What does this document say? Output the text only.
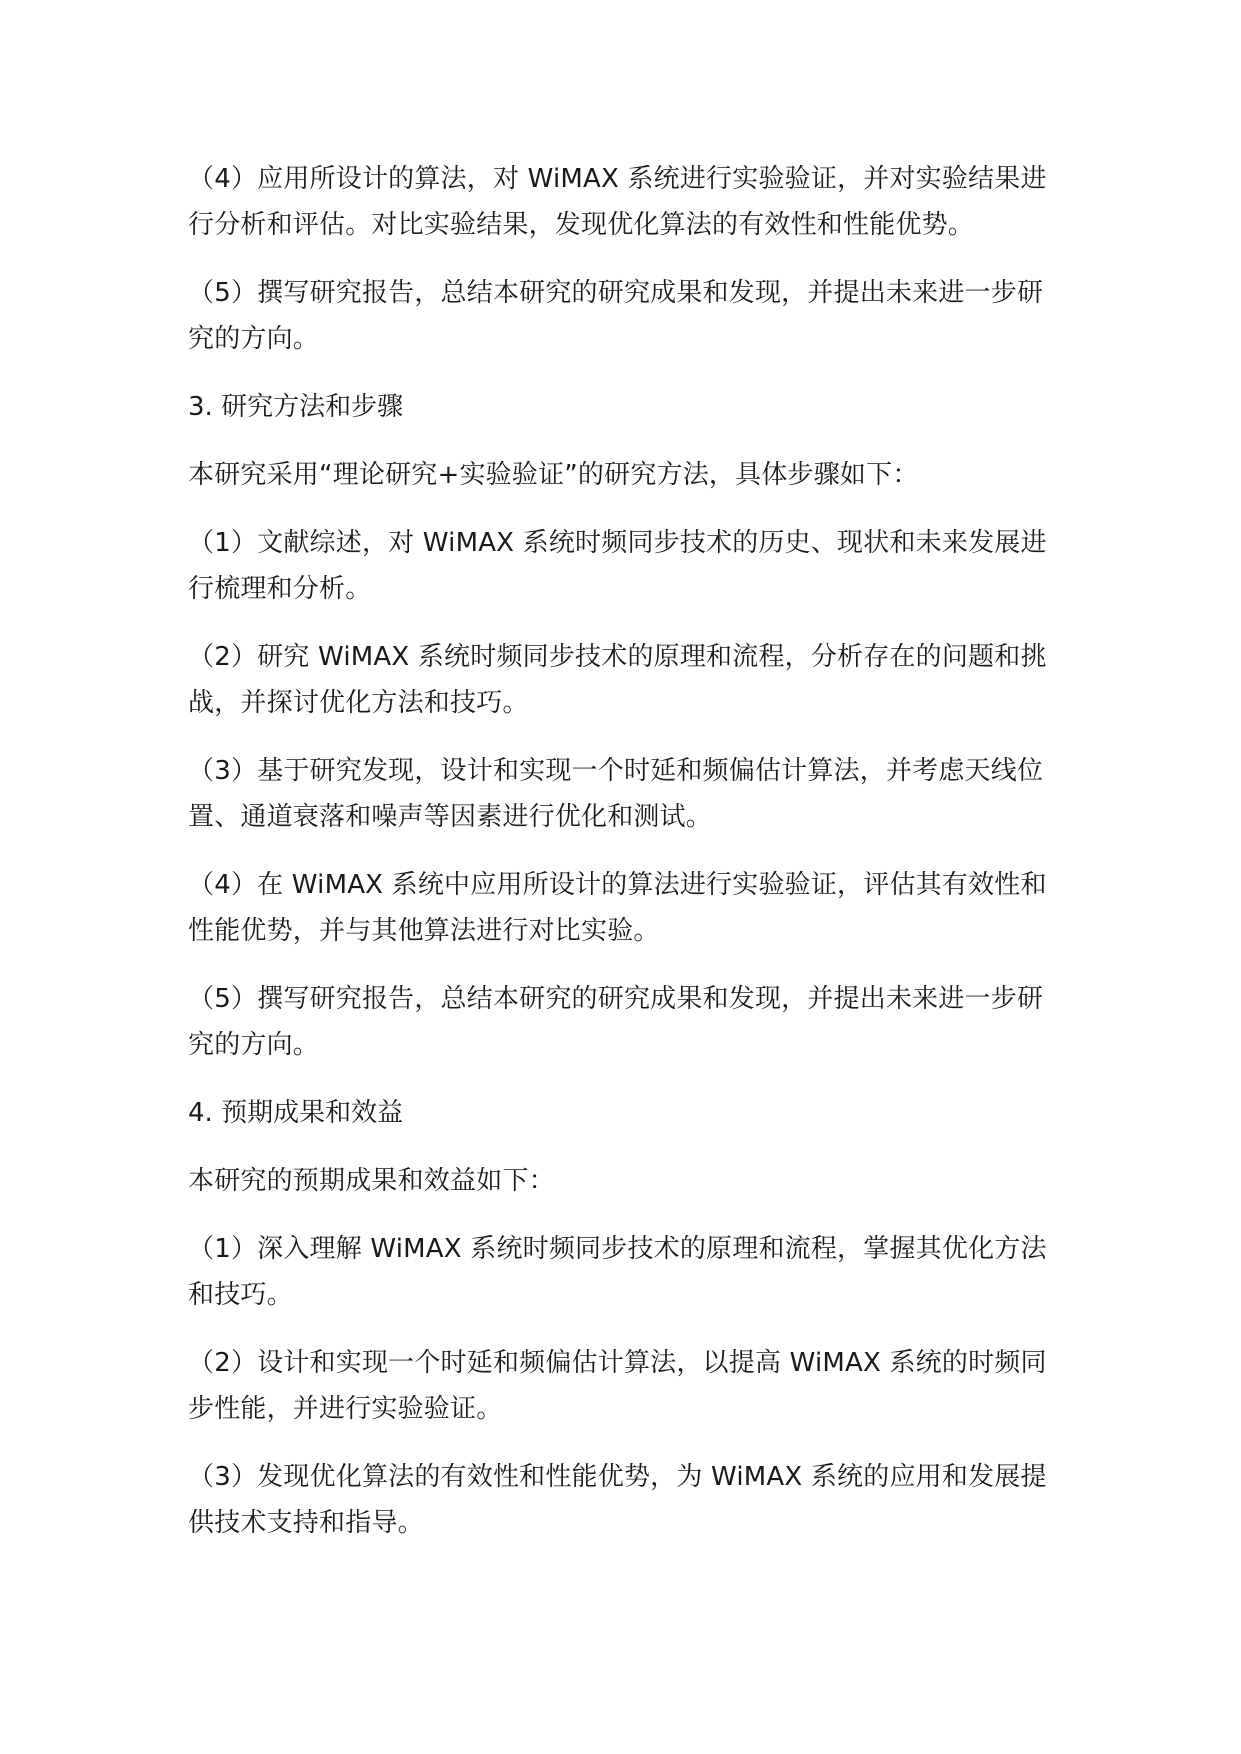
（4）应用所设计的算法，对 WiMAX 系统进行实验验证，并对实验结果进行分析和评估。对比实验结果，发现优化算法的有效性和性能优势。

（5）撰写研究报告，总结本研究的研究成果和发现，并提出未来进一步研究的方向。

3. 研究方法和步骤

本研究采用“理论研究+实验验证”的研究方法，具体步骤如下：

（1）文献综述，对 WiMAX 系统时频同步技术的历史、现状和未来发展进行梳理和分析。

（2）研究 WiMAX 系统时频同步技术的原理和流程，分析存在的问题和挑战，并探讨优化方法和技巧。

（3）基于研究发现，设计和实现一个时延和频偏估计算法，并考虑天线位置、通道衰落和噪声等因素进行优化和测试。

（4）在 WiMAX 系统中应用所设计的算法进行实验验证，评估其有效性和性能优势，并与其他算法进行对比实验。

（5）撰写研究报告，总结本研究的研究成果和发现，并提出未来进一步研究的方向。

4. 预期成果和效益

本研究的预期成果和效益如下：

（1）深入理解 WiMAX 系统时频同步技术的原理和流程，掌握其优化方法和技巧。

（2）设计和实现一个时延和频偏估计算法，以提高 WiMAX 系统的时频同步性能，并进行实验验证。

（3）发现优化算法的有效性和性能优势，为 WiMAX 系统的应用和发展提供技术支持和指导。
